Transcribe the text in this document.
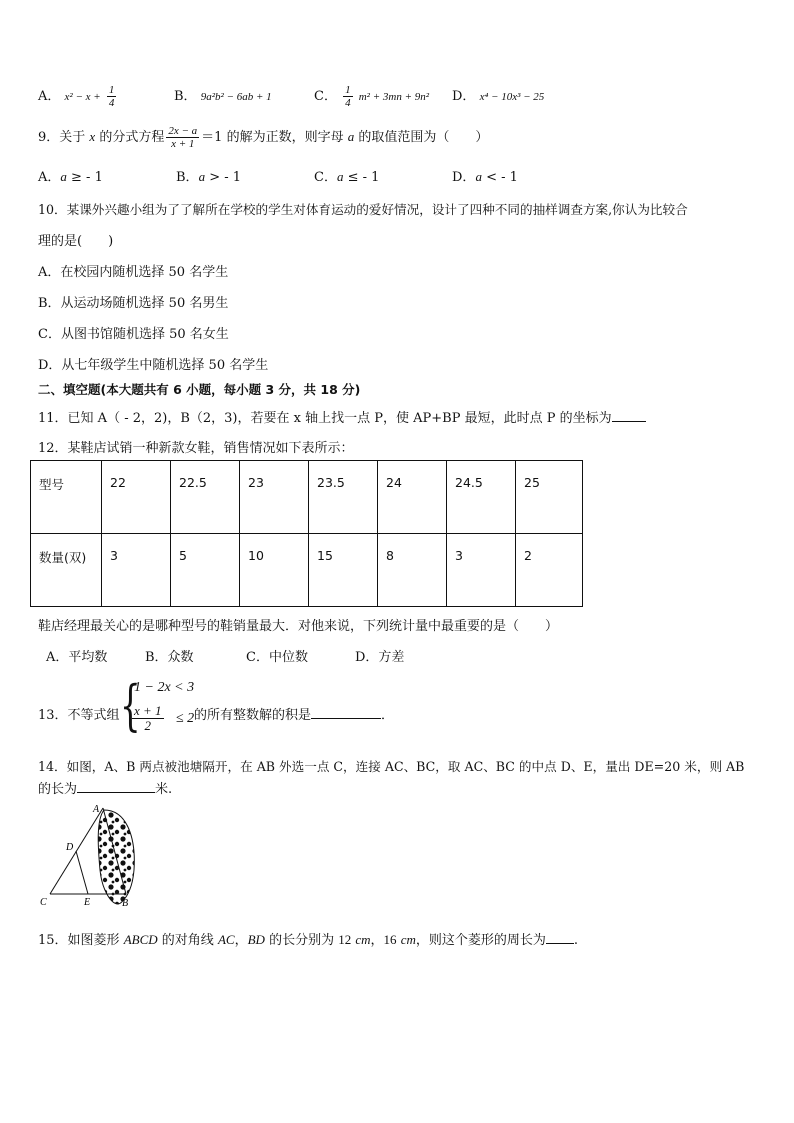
A． $x^2 - x + \frac{1}{4}$	B． 9a²b² − 6ab + 1	C． $\frac{1}{4} m^2 + 3mn + 9n^2$ D． x⁴ − 10x³ − 25
9．关于 x 的分式方程 $\frac{2x - a}{x + 1} =1$ 的解为正数，则字母 a 的取值范围为（　　）
A．a ≥ - 1	B．a > - 1	C．a ≤ - 1	D．a < - 1
10．某课外兴趣小组为了了解所在学校的学生对体育运动的爱好情况，设计了四种不同的抽样调查方案,你认为比较合
理的是(　　)
A．在校园内随机选择 50 名学生
B．从运动场随机选择 50 名男生
C．从图书馆随机选择 50 名女生
D．从七年级学生中随机选择 50 名学生
二、填空题(本大题共有 6 小题，每小题 3 分，共 18 分)
11．已知 A（ - 2，2)，B（2，3)，若要在 x 轴上找一点 P，使 AP+BP 最短，此时点 P 的坐标为
12．某鞋店试销一种新款女鞋，销售情况如下表所示：
型号	22	22.5	23	23.5	24	24.5	25
数量(双)	3	5	10	15	8	3	2
鞋店经理最关心的是哪种型号的鞋销量最大．对他来说，下列统计量中最重要的是（　　）
A．平均数	B．众数	C．中位数	D．方差
13．不等式组 {
1 − 2x < 3
$\frac{x + 1}{2} \le 2$ 的所有整数解的积是	．
14．如图，A、B 两点被池塘隔开，在 AB 外选一点 C，连接 AC、BC，取 AC、BC 的中点 D、E，量出 DE=20 米，则 AB
的长为	米.
A
D
C	E	B
15．如图菱形 ABCD 的对角线 AC，BD 的长分别为 12 cm，16 cm，则这个菱形的周长为 .
